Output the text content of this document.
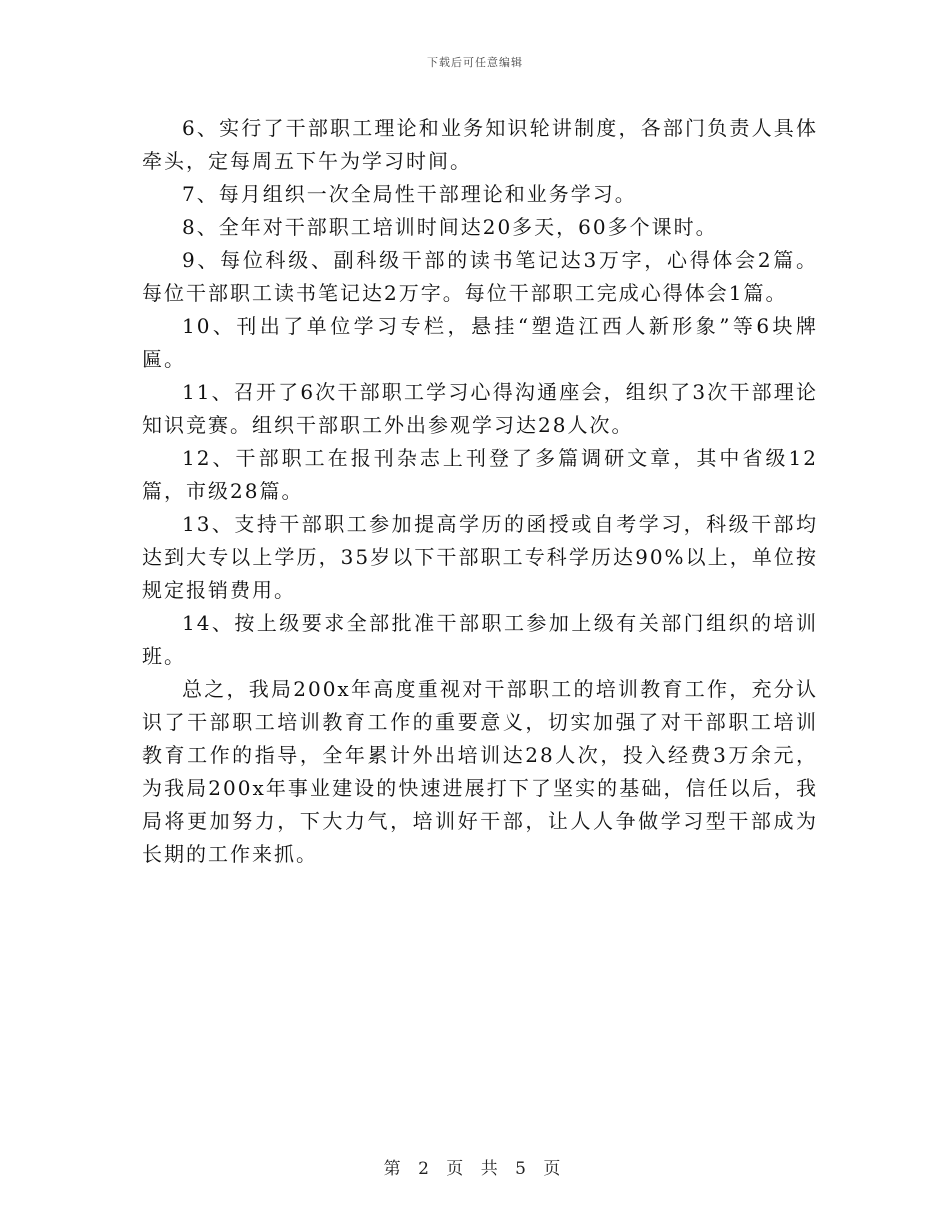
下载后可任意编辑

6、实行了干部职工理论和业务知识轮讲制度，各部门负责人具体牵头，定每周五下午为学习时间。

7、每月组织一次全局性干部理论和业务学习。

8、全年对干部职工培训时间达20多天，60多个课时。

9、每位科级、副科级干部的读书笔记达3万字，心得体会2篇。每位干部职工读书笔记达2万字。每位干部职工完成心得体会1篇。

10、刊出了单位学习专栏，悬挂“塑造江西人新形象”等6块牌匾。

11、召开了6次干部职工学习心得沟通座会，组织了3次干部理论知识竞赛。组织干部职工外出参观学习达28人次。

12、干部职工在报刊杂志上刊登了多篇调研文章，其中省级12篇，市级28篇。

13、支持干部职工参加提高学历的函授或自考学习，科级干部均达到大专以上学历，35岁以下干部职工专科学历达90%以上，单位按规定报销费用。

14、按上级要求全部批准干部职工参加上级有关部门组织的培训班。

总之，我局200x年高度重视对干部职工的培训教育工作，充分认识了干部职工培训教育工作的重要意义，切实加强了对干部职工培训教育工作的指导，全年累计外出培训达28人次，投入经费3万余元，为我局200x年事业建设的快速进展打下了坚实的基础，信任以后，我局将更加努力，下大力气，培训好干部，让人人争做学习型干部成为长期的工作来抓。

第 2 页 共 5 页
